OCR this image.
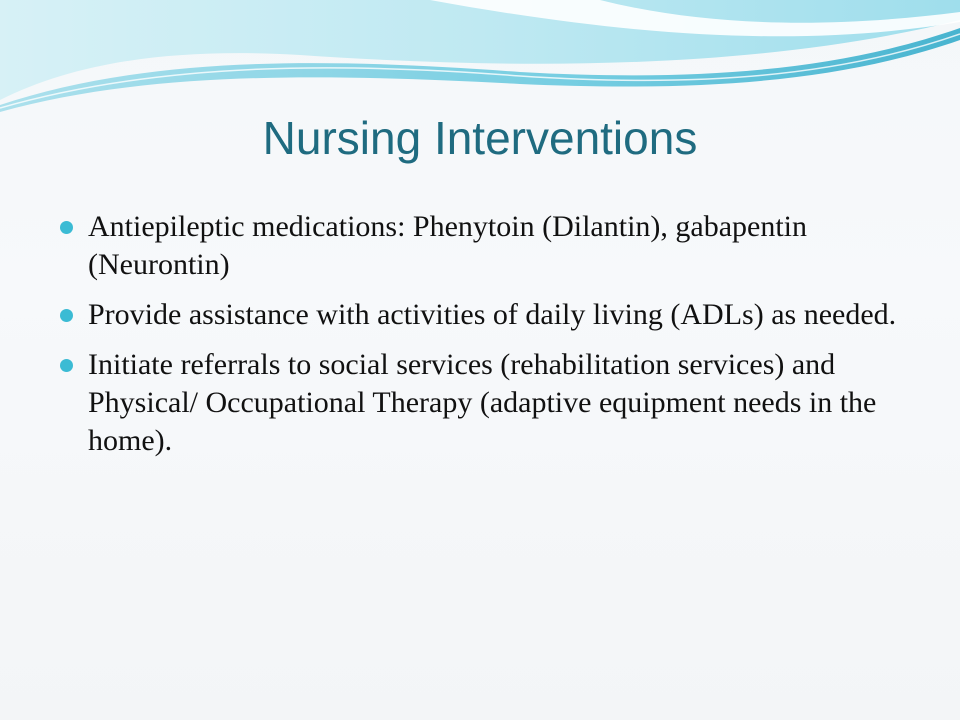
Nursing Interventions
Antiepileptic medications: Phenytoin (Dilantin), gabapentin (Neurontin)
Provide assistance with activities of daily living (ADLs) as needed.
Initiate referrals to social services (rehabilitation services) and Physical/ Occupational Therapy (adaptive equipment needs in the home).
